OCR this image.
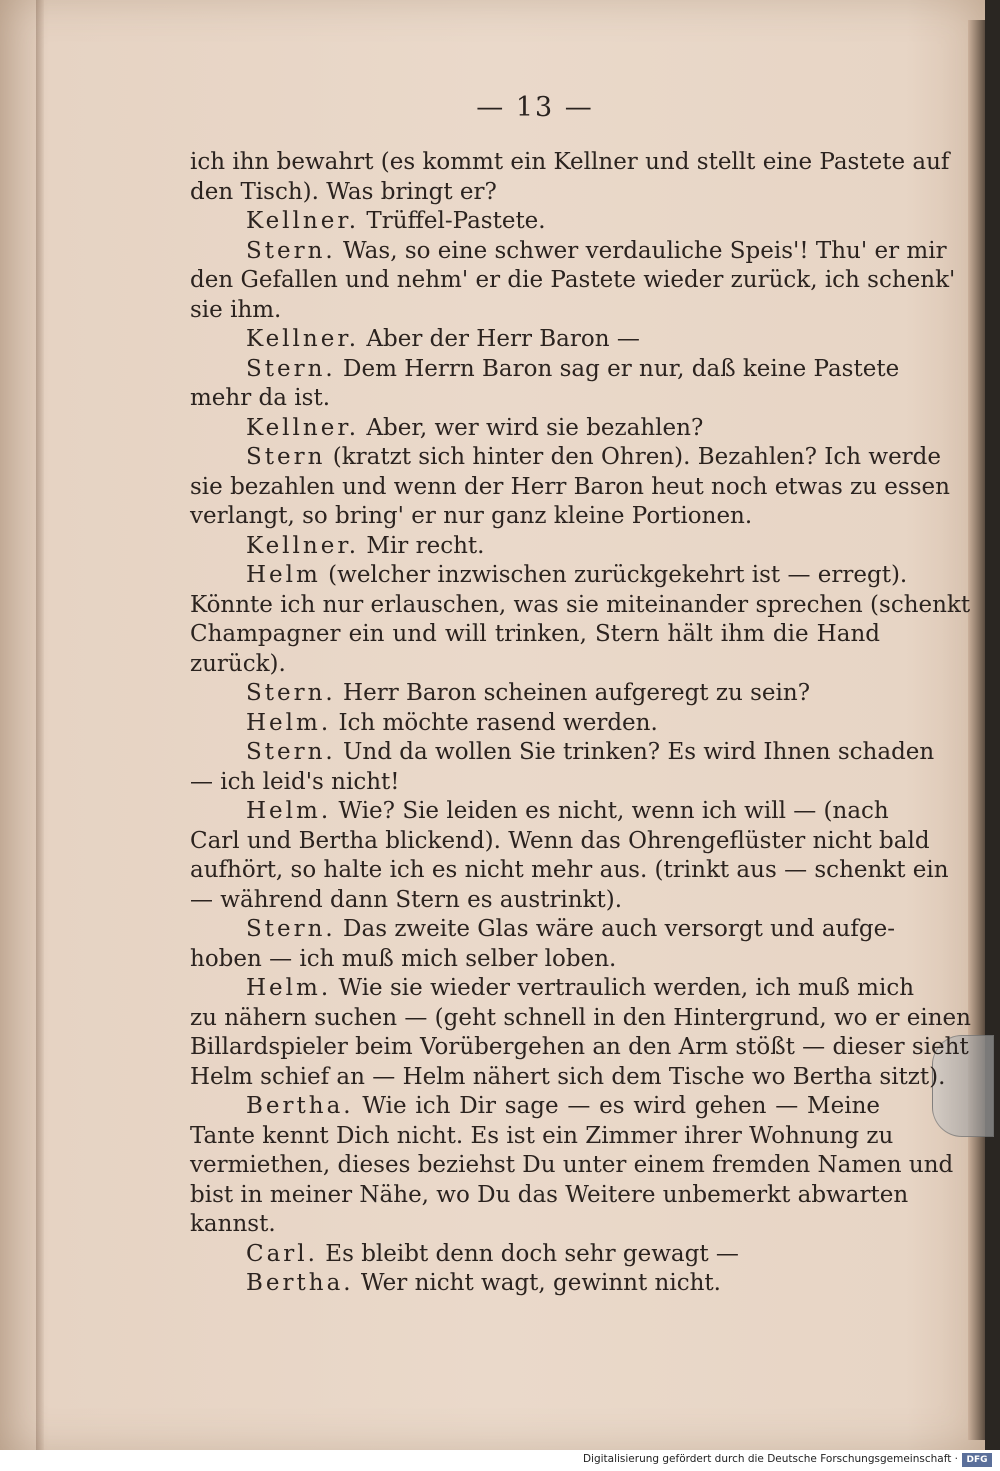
— 13 —
ich ihn bewahrt (es kommt ein Kellner und stellt eine Pastete auf
den Tisch). Was bringt er?
Kellner. Trüffel-Pastete.
Stern. Was, so eine schwer verdauliche Speis'! Thu' er mir
den Gefallen und nehm' er die Pastete wieder zurück, ich schenk'
sie ihm.
Kellner. Aber der Herr Baron —
Stern. Dem Herrn Baron sag er nur, daß keine Pastete
mehr da ist.
Kellner. Aber, wer wird sie bezahlen?
Stern (kratzt sich hinter den Ohren). Bezahlen? Ich werde
sie bezahlen und wenn der Herr Baron heut noch etwas zu essen
verlangt, so bring' er nur ganz kleine Portionen.
Kellner. Mir recht.
Helm (welcher inzwischen zurückgekehrt ist — erregt).
Könnte ich nur erlauschen, was sie miteinander sprechen (schenkt
Champagner ein und will trinken, Stern hält ihm die Hand
zurück).
Stern. Herr Baron scheinen aufgeregt zu sein?
Helm. Ich möchte rasend werden.
Stern. Und da wollen Sie trinken? Es wird Ihnen schaden
— ich leid's nicht!
Helm. Wie? Sie leiden es nicht, wenn ich will — (nach
Carl und Bertha blickend). Wenn das Ohrengeflüster nicht bald
aufhört, so halte ich es nicht mehr aus. (trinkt aus — schenkt ein
— während dann Stern es austrinkt).
Stern. Das zweite Glas wäre auch versorgt und aufge-
hoben — ich muß mich selber loben.
Helm. Wie sie wieder vertraulich werden, ich muß mich
zu nähern suchen — (geht schnell in den Hintergrund, wo er einen
Billardspieler beim Vorübergehen an den Arm stößt — dieser sieht
Helm schief an — Helm nähert sich dem Tische wo Bertha sitzt).
Bertha. Wie ich Dir sage — es wird gehen — Meine
Tante kennt Dich nicht. Es ist ein Zimmer ihrer Wohnung zu
vermiethen, dieses beziehst Du unter einem fremden Namen und
bist in meiner Nähe, wo Du das Weitere unbemerkt abwarten
kannst.
Carl. Es bleibt denn doch sehr gewagt —
Bertha. Wer nicht wagt, gewinnt nicht.
Digitalisierung gefördert durch die Deutsche Forschungsgemeinschaft · DFG
